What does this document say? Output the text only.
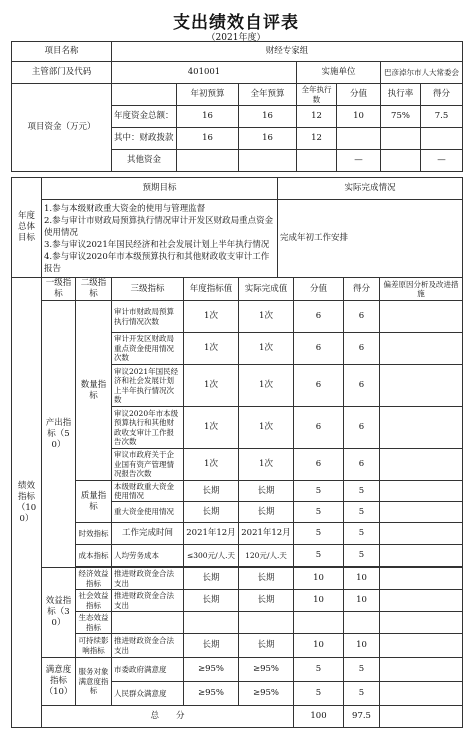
支出绩效自评表
（2021年度）
项目名称	财经专家组						
主管部门及代码	401001			实施单位		巴彦淖尔市人大常委会	
项目资金（万元）		年初预算	全年预算	全年执行数	分值	执行率	得分
	年度资金总额：	16	16	12	10	75%	7.5
	其中：财政拨款	16	16	12			
	其他资金				—		—
年度总体目标	预期目标	实际完成情况
	1.参与本级财政重大资金的使用与管理监督
2.参与审计市财政局预算执行情况审计开发区财政局重点资金使用情况
3.参与审议2021年国民经济和社会发展计划上半年执行情况
4.参与审议2020年市本级预算执行和其他财政收支审计工作报告	完成年初工作安排
绩效指标（100）	一级指标	二级指标	三级指标	年度指标值	实际完成值	分值	得分	偏差原因分析及改进措施
	产出指标（50）	数量指标	审计市财政局预算执行情况次数	1次	1次	6	6	
			审计开发区财政局重点资金使用情况次数	1次	1次	6	6	
			审议2021年国民经济和社会发展计划上半年执行情况次数	1次	1次	6	6	
			审议2020年市本级预算执行和其他财政收支审计工作报告次数	1次	1次	6	6	
			审议市政府关于企业国有资产管理情况报告次数	1次	1次	6	6	
		质量指标	本级财政重大资金使用情况	长期	长期	5	5	
			重大资金使用情况	长期	长期	5	5	
		时效指标	工作完成时间	2021年12月	2021年12月	5	5	
		成本指标	人均劳务成本	≤300元/人.天	120元/人.天	5	5	

	效益指标（30）	经济效益指标	推进财政资金合法支出	长期	长期	10	10	
		社会效益指标	推进财政资金合法支出	长期	长期	10	10	
		生态效益指标						
		可持续影响指标	推进财政资金合法支出	长期	长期	10	10	
	满意度指标（10）	服务对象满意度指标	市委政府满意度	≥95%	≥95%	5	5	
			人民群众满意度	≥95%	≥95%	5	5	
	总　　分					100	97.5	
